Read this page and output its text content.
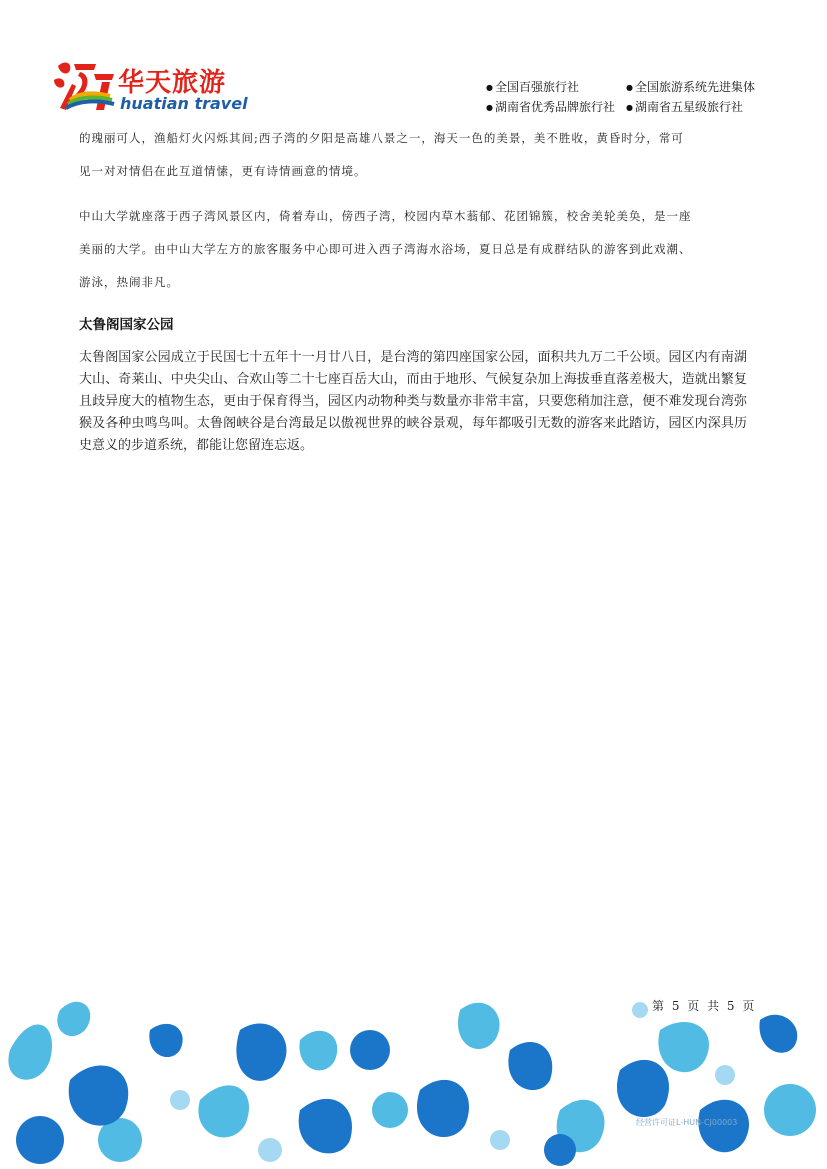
华天旅游
huatian travel
● 全国百强旅行社	● 全国旅游系统先进集体
● 湖南省优秀品牌旅行社	● 湖南省五星级旅行社

的瑰丽可人，渔船灯火闪烁其间;西子湾的夕阳是高雄八景之一，海天一色的美景，美不胜收，黄昏时分，常可
见一对对情侣在此互道情愫，更有诗情画意的情境。

中山大学就座落于西子湾风景区内，倚着寿山，傍西子湾，校园内草木蓊郁、花团锦簇，校舍美轮美奂，是一座
美丽的大学。由中山大学左方的旅客服务中心即可进入西子湾海水浴场，夏日总是有成群结队的游客到此戏潮、
游泳，热闹非凡。

太鲁阁国家公园

太鲁阁国家公园成立于民国七十五年十一月廿八日，是台湾的第四座国家公园，面积共九万二千公顷。园区内有南湖大山、奇莱山、中央尖山、合欢山等二十七座百岳大山，而由于地形、气候复杂加上海拔垂直落差极大，造就出繁复且歧异度大的植物生态，更由于保育得当，园区内动物种类与数量亦非常丰富，只要您稍加注意，便不难发现台湾弥猴及各种虫鸣鸟叫。太鲁阁峡谷是台湾最足以傲视世界的峡谷景观，每年都吸引无数的游客来此踏访，园区内深具历史意义的步道系统，都能让您留连忘返。

第 5 页 共 5 页
经营许可证L-HUN-CJ00003
